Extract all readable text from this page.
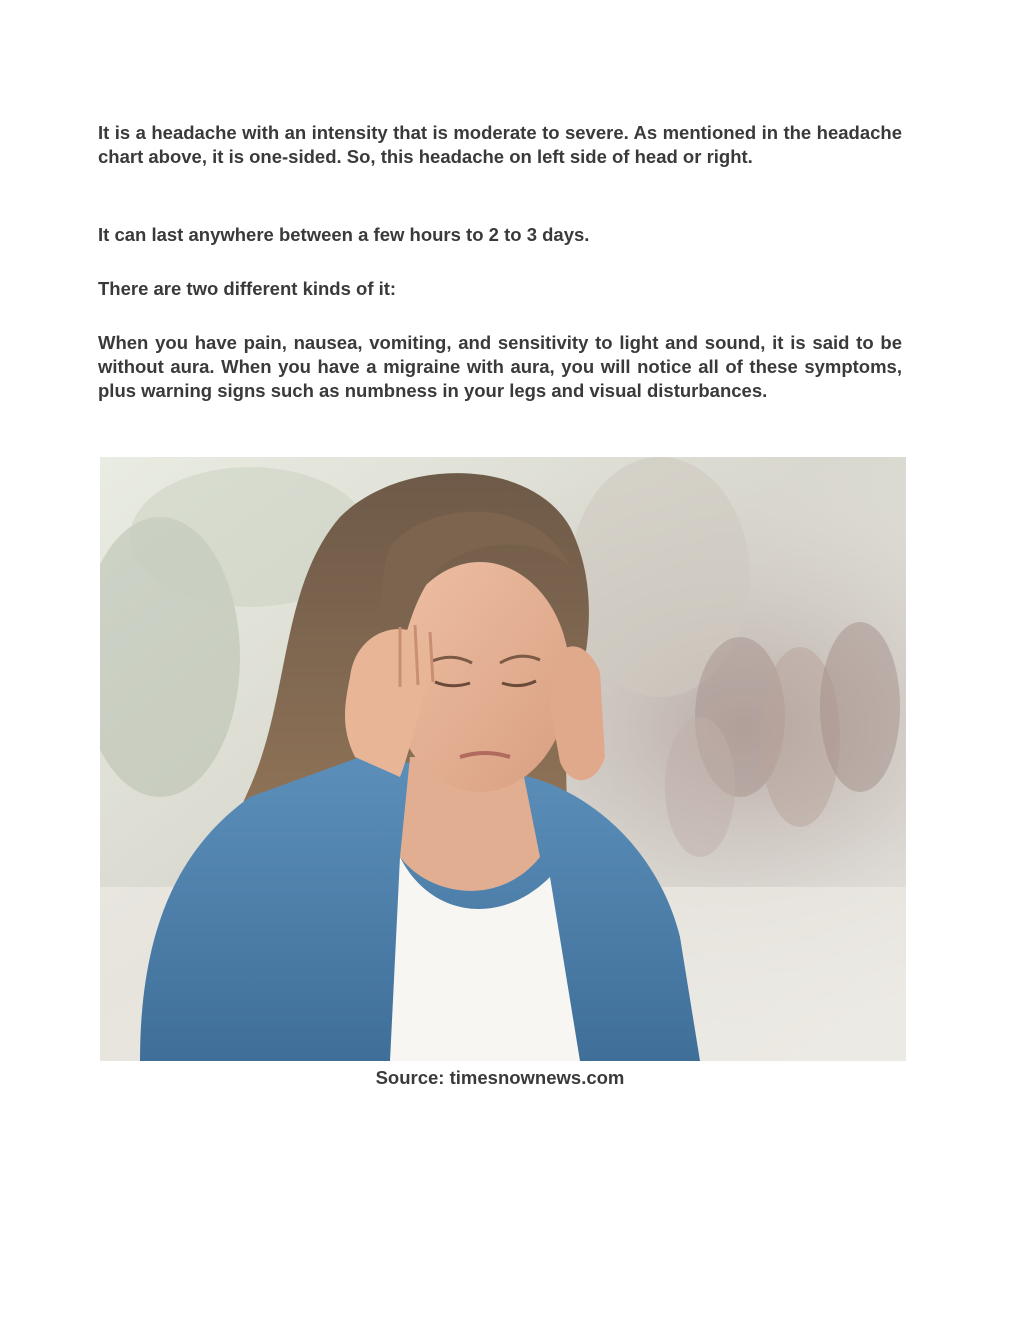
It is a headache with an intensity that is moderate to severe. As mentioned in the headache chart above, it is one-sided. So, this headache on left side of head or right.

It can last anywhere between a few hours to 2 to 3 days.

There are two different kinds of it:

When you have pain, nausea, vomiting, and sensitivity to light and sound, it is said to be without aura. When you have a migraine with aura, you will notice all of these symptoms, plus warning signs such as numbness in your legs and visual disturbances.

Source: timesnownews.com
